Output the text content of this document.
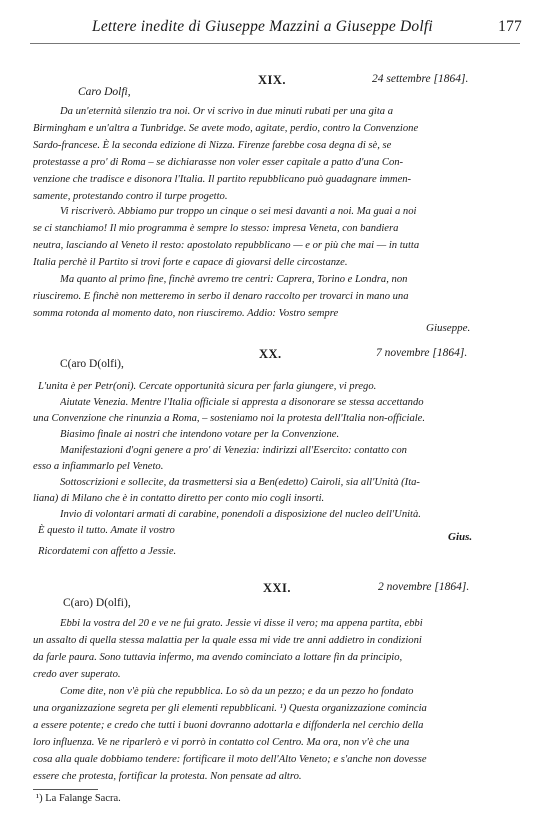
Lettere inedite di Giuseppe Mazzini a Giuseppe Dolfi	177
XIX.	24 settembre [1864].
Caro Dolfi,
Da un'eternità silenzio tra noi. Or vi scrivo in due minuti rubati per una gita a
Birmingham e un'altra a Tunbridge. Se avete modo, agitate, perdio, contro la Convenzione
Sardo-francese. È la seconda edizione di Nizza. Firenze farebbe cosa degna di sè, se
protestasse a pro' di Roma – se dichiarasse non voler esser capitale a patto d'una Con-
venzione che tradisce e disonora l'Italia. Il partito repubblicano può guadagnare immen-
samente, protestando contro il turpe progetto.
Vi riscriverò. Abbiamo pur troppo un cinque o sei mesi davanti a noi. Ma guai a noi
se ci stanchiamo! Il mio programma è sempre lo stesso: impresa Veneta, con bandiera
neutra, lasciando al Veneto il resto: apostolato repubblicano — e or più che mai — in tutta
Italia perchè il Partito si trovi forte e capace di giovarsi delle circostanze.
Ma quanto al primo fine, finchè avremo tre centri: Caprera, Torino e Londra, non
riusciremo. E finchè non metteremo in serbo il denaro raccolto per trovarci in mano una
somma rotonda al momento dato, non riusciremo. Addio: Vostro sempre
Giuseppe.
XX.	7 novembre [1864].
C(aro D(olfi),
L'unita è per Petr(oni). Cercate opportunità sicura per farla giungere, vi prego.
Aiutate Venezia. Mentre l'Italia officiale si appresta a disonorare se stessa accettando
una Convenzione che rinunzia a Roma, – sosteniamo noi la protesta dell'Italia non-officiale.
Biasimo finale ai nostri che intendono votare per la Convenzione.
Manifestazioni d'ogni genere a pro' di Venezia: indirizzi all'Esercito: contatto con
esso a infiammarlo pel Veneto.
Sottoscrizioni e sollecite, da trasmettersi sia a Ben(edetto) Cairoli, sia all'Unità (Ita-
liana) di Milano che è in contatto diretto per conto mio cogli insorti.
Invio di volontari armati di carabine, ponendoli a disposizione del nucleo dell'Unità.
È questo il tutto. Amate il vostro
Gius.
Ricordatemi con affetto a Jessie.
XXI.	2 novembre [1864].
C(aro) D(olfi),
Ebbi la vostra del 20 e ve ne fui grato. Jessie vi disse il vero; ma appena partita, ebbi
un assalto di quella stessa malattia per la quale essa mi vide tre anni addietro in condizioni
da farle paura. Sono tuttavia infermo, ma avendo cominciato a lottare fin da principio,
credo aver superato.
Come dite, non v'è più che repubblica. Lo sò da un pezzo; e da un pezzo ho fondato
una organizzazione segreta per gli elementi repubblicani. ¹) Questa organizzazione comincia
a essere potente; e credo che tutti i buoni dovranno adottarla e diffonderla nel cerchio della
loro influenza. Ve ne riparlerò e vi porrò in contatto col Centro. Ma ora, non v'è che una
cosa alla quale dobbiamo tendere: fortificare il moto dell'Alto Veneto; e s'anche non dovesse
essere che protesta, fortificar la protesta. Non pensate ad altro.
¹) La Falange Sacra.
